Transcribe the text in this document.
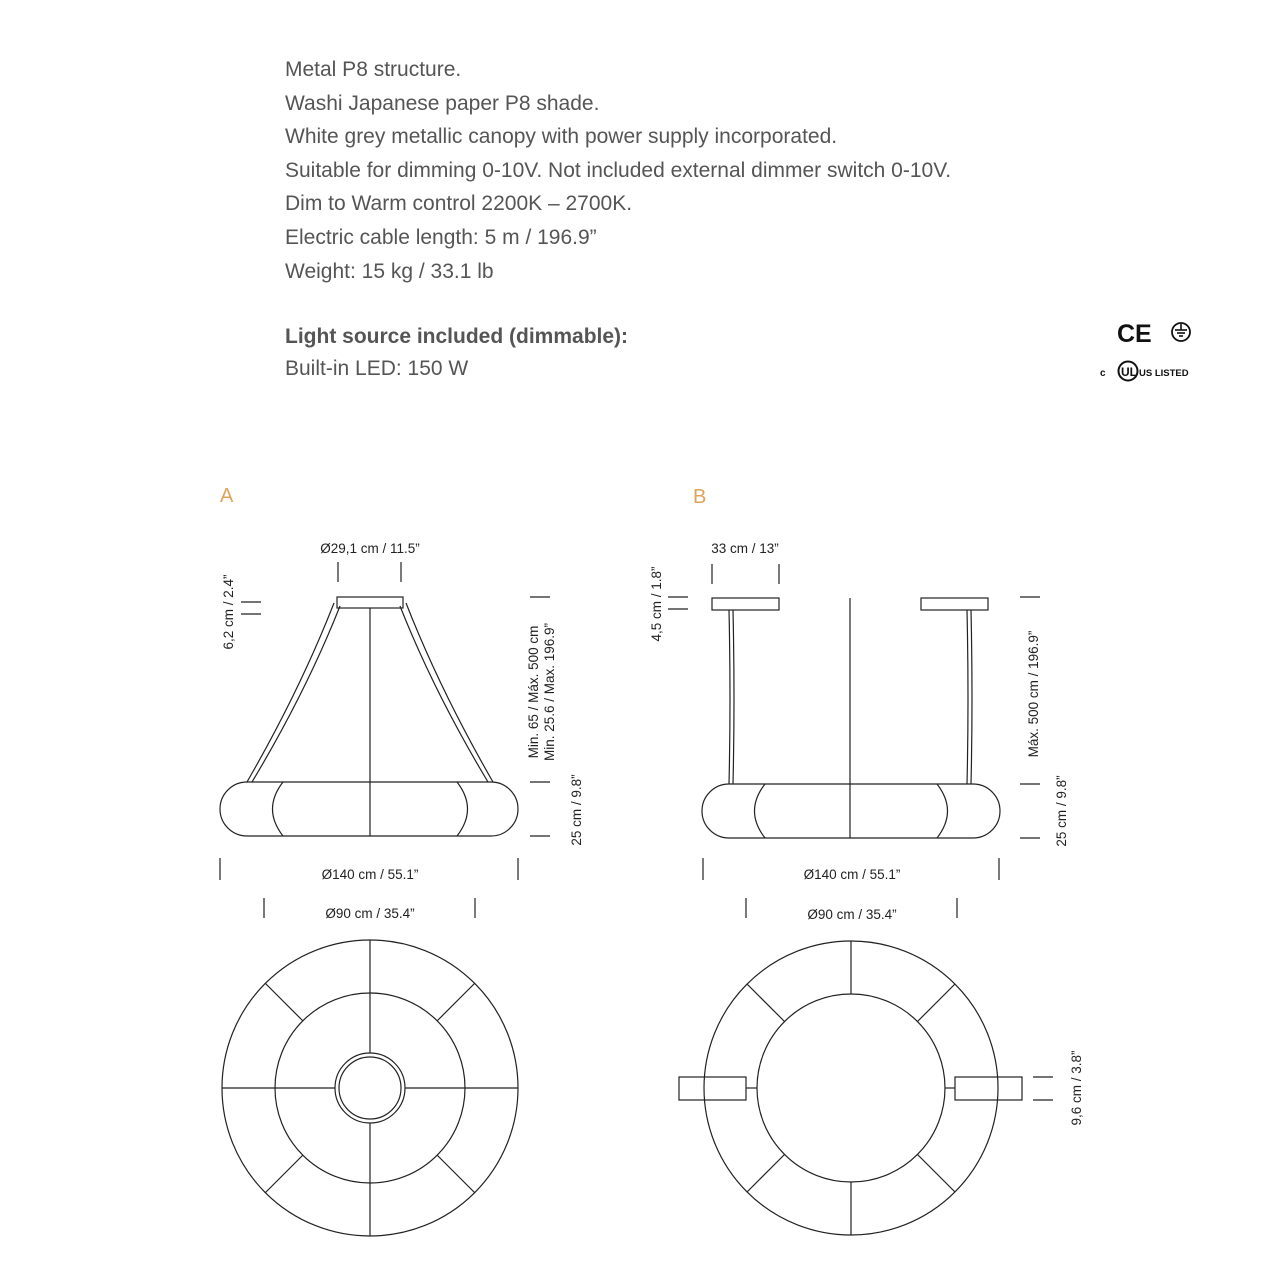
Metal P8 structure.
Washi Japanese paper P8 shade.
White grey metallic canopy with power supply incorporated.
Suitable for dimming 0-10V. Not included external dimmer switch 0-10V.
Dim to Warm control 2200K – 2700K.
Electric cable length: 5 m / 196.9”
Weight: 15 kg / 33.1 lb
Light source included (dimmable):
Built-in LED: 150 W
CE
c UL US LISTED
A	B
Ø29,1 cm / 11.5”
6,2 cm / 2.4”
Min. 65 / Máx. 500 cm Min. 25.6 / Max. 196.9”
25 cm / 9.8”
Ø140 cm / 55.1”
Ø90 cm / 35.4”
33 cm / 13”
4,5 cm / 1.8”
Máx. 500 cm / 196.9”
25 cm / 9.8”
Ø140 cm / 55.1”
Ø90 cm / 35.4”
9,6 cm / 3.8”
